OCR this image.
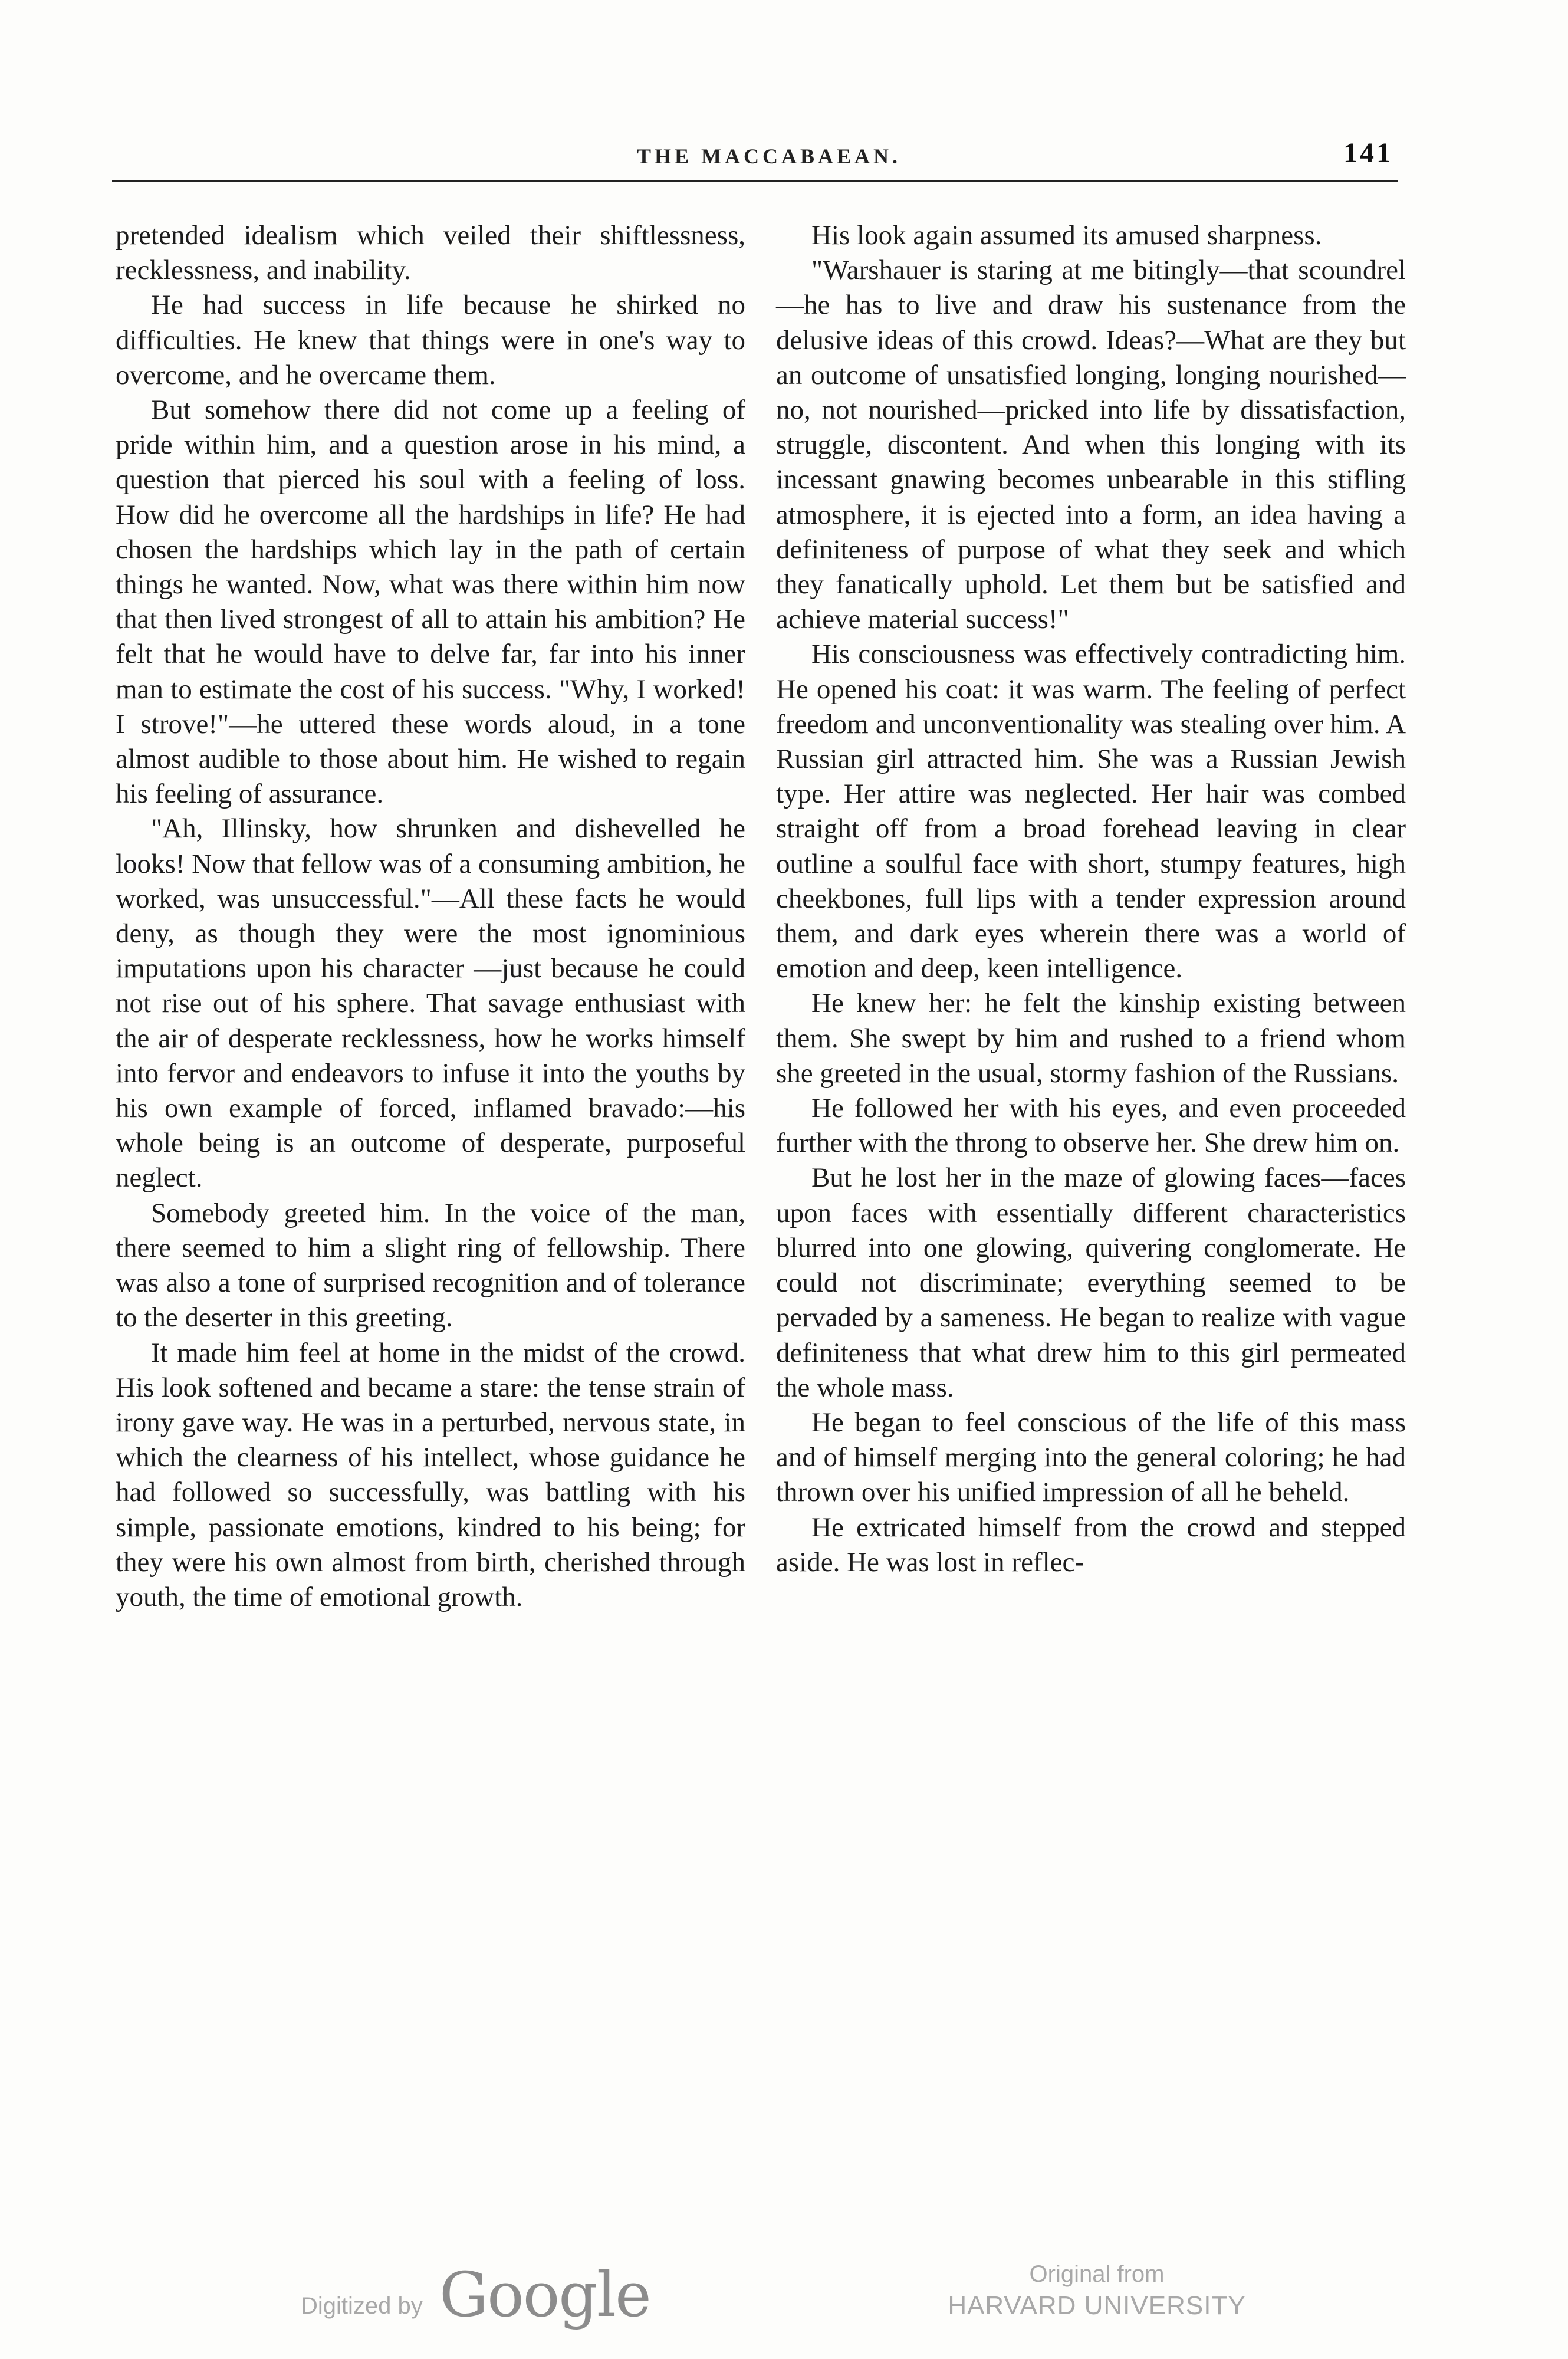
THE MACCABAEAN.	141

pretended idealism which veiled their shiftlessness, recklessness, and inability.

He had success in life because he shirked no difficulties. He knew that things were in one's way to overcome, and he overcame them.

But somehow there did not come up a feeling of pride within him, and a question arose in his mind, a question that pierced his soul with a feeling of loss. How did he overcome all the hardships in life? He had chosen the hardships which lay in the path of certain things he wanted. Now, what was there within him now that then lived strongest of all to attain his ambition? He felt that he would have to delve far, far into his inner man to estimate the cost of his success. "Why, I worked! I strove!"—he uttered these words aloud, in a tone almost audible to those about him. He wished to regain his feeling of assurance.

"Ah, Illinsky, how shrunken and dishevelled he looks! Now that fellow was of a consuming ambition, he worked, was unsuccessful."—All these facts he would deny, as though they were the most ignominious imputations upon his character —just because he could not rise out of his sphere. That savage enthusiast with the air of desperate recklessness, how he works himself into fervor and endeavors to infuse it into the youths by his own example of forced, inflamed bravado:—his whole being is an outcome of desperate, purposeful neglect.

Somebody greeted him. In the voice of the man, there seemed to him a slight ring of fellowship. There was also a tone of surprised recognition and of tolerance to the deserter in this greeting.

It made him feel at home in the midst of the crowd. His look softened and became a stare: the tense strain of irony gave way. He was in a perturbed, nervous state, in which the clearness of his intellect, whose guidance he had followed so successfully, was battling with his simple, passionate emotions, kindred to his being; for they were his own almost from birth, cherished through youth, the time of emotional growth.

His look again assumed its amused sharpness.

"Warshauer is staring at me bitingly—that scoundrel—he has to live and draw his sustenance from the delusive ideas of this crowd. Ideas?—What are they but an outcome of unsatisfied longing, longing nourished—no, not nourished—pricked into life by dissatisfaction, struggle, discontent. And when this longing with its incessant gnawing becomes unbearable in this stifling atmosphere, it is ejected into a form, an idea having a definiteness of purpose of what they seek and which they fanatically uphold. Let them but be satisfied and achieve material success!"

His consciousness was effectively contradicting him. He opened his coat: it was warm. The feeling of perfect freedom and unconventionality was stealing over him. A Russian girl attracted him. She was a Russian Jewish type. Her attire was neglected. Her hair was combed straight off from a broad forehead leaving in clear outline a soulful face with short, stumpy features, high cheekbones, full lips with a tender expression around them, and dark eyes wherein there was a world of emotion and deep, keen intelligence.

He knew her: he felt the kinship existing between them. She swept by him and rushed to a friend whom she greeted in the usual, stormy fashion of the Russians.

He followed her with his eyes, and even proceeded further with the throng to observe her. She drew him on.

But he lost her in the maze of glowing faces—faces upon faces with essentially different characteristics blurred into one glowing, quivering conglomerate. He could not discriminate; everything seemed to be pervaded by a sameness. He began to realize with vague definiteness that what drew him to this girl permeated the whole mass.

He began to feel conscious of the life of this mass and of himself merging into the general coloring; he had thrown over his unified impression of all he beheld.

He extricated himself from the crowd and stepped aside. He was lost in reflec-

Digitized by Google	Original from
HARVARD UNIVERSITY
